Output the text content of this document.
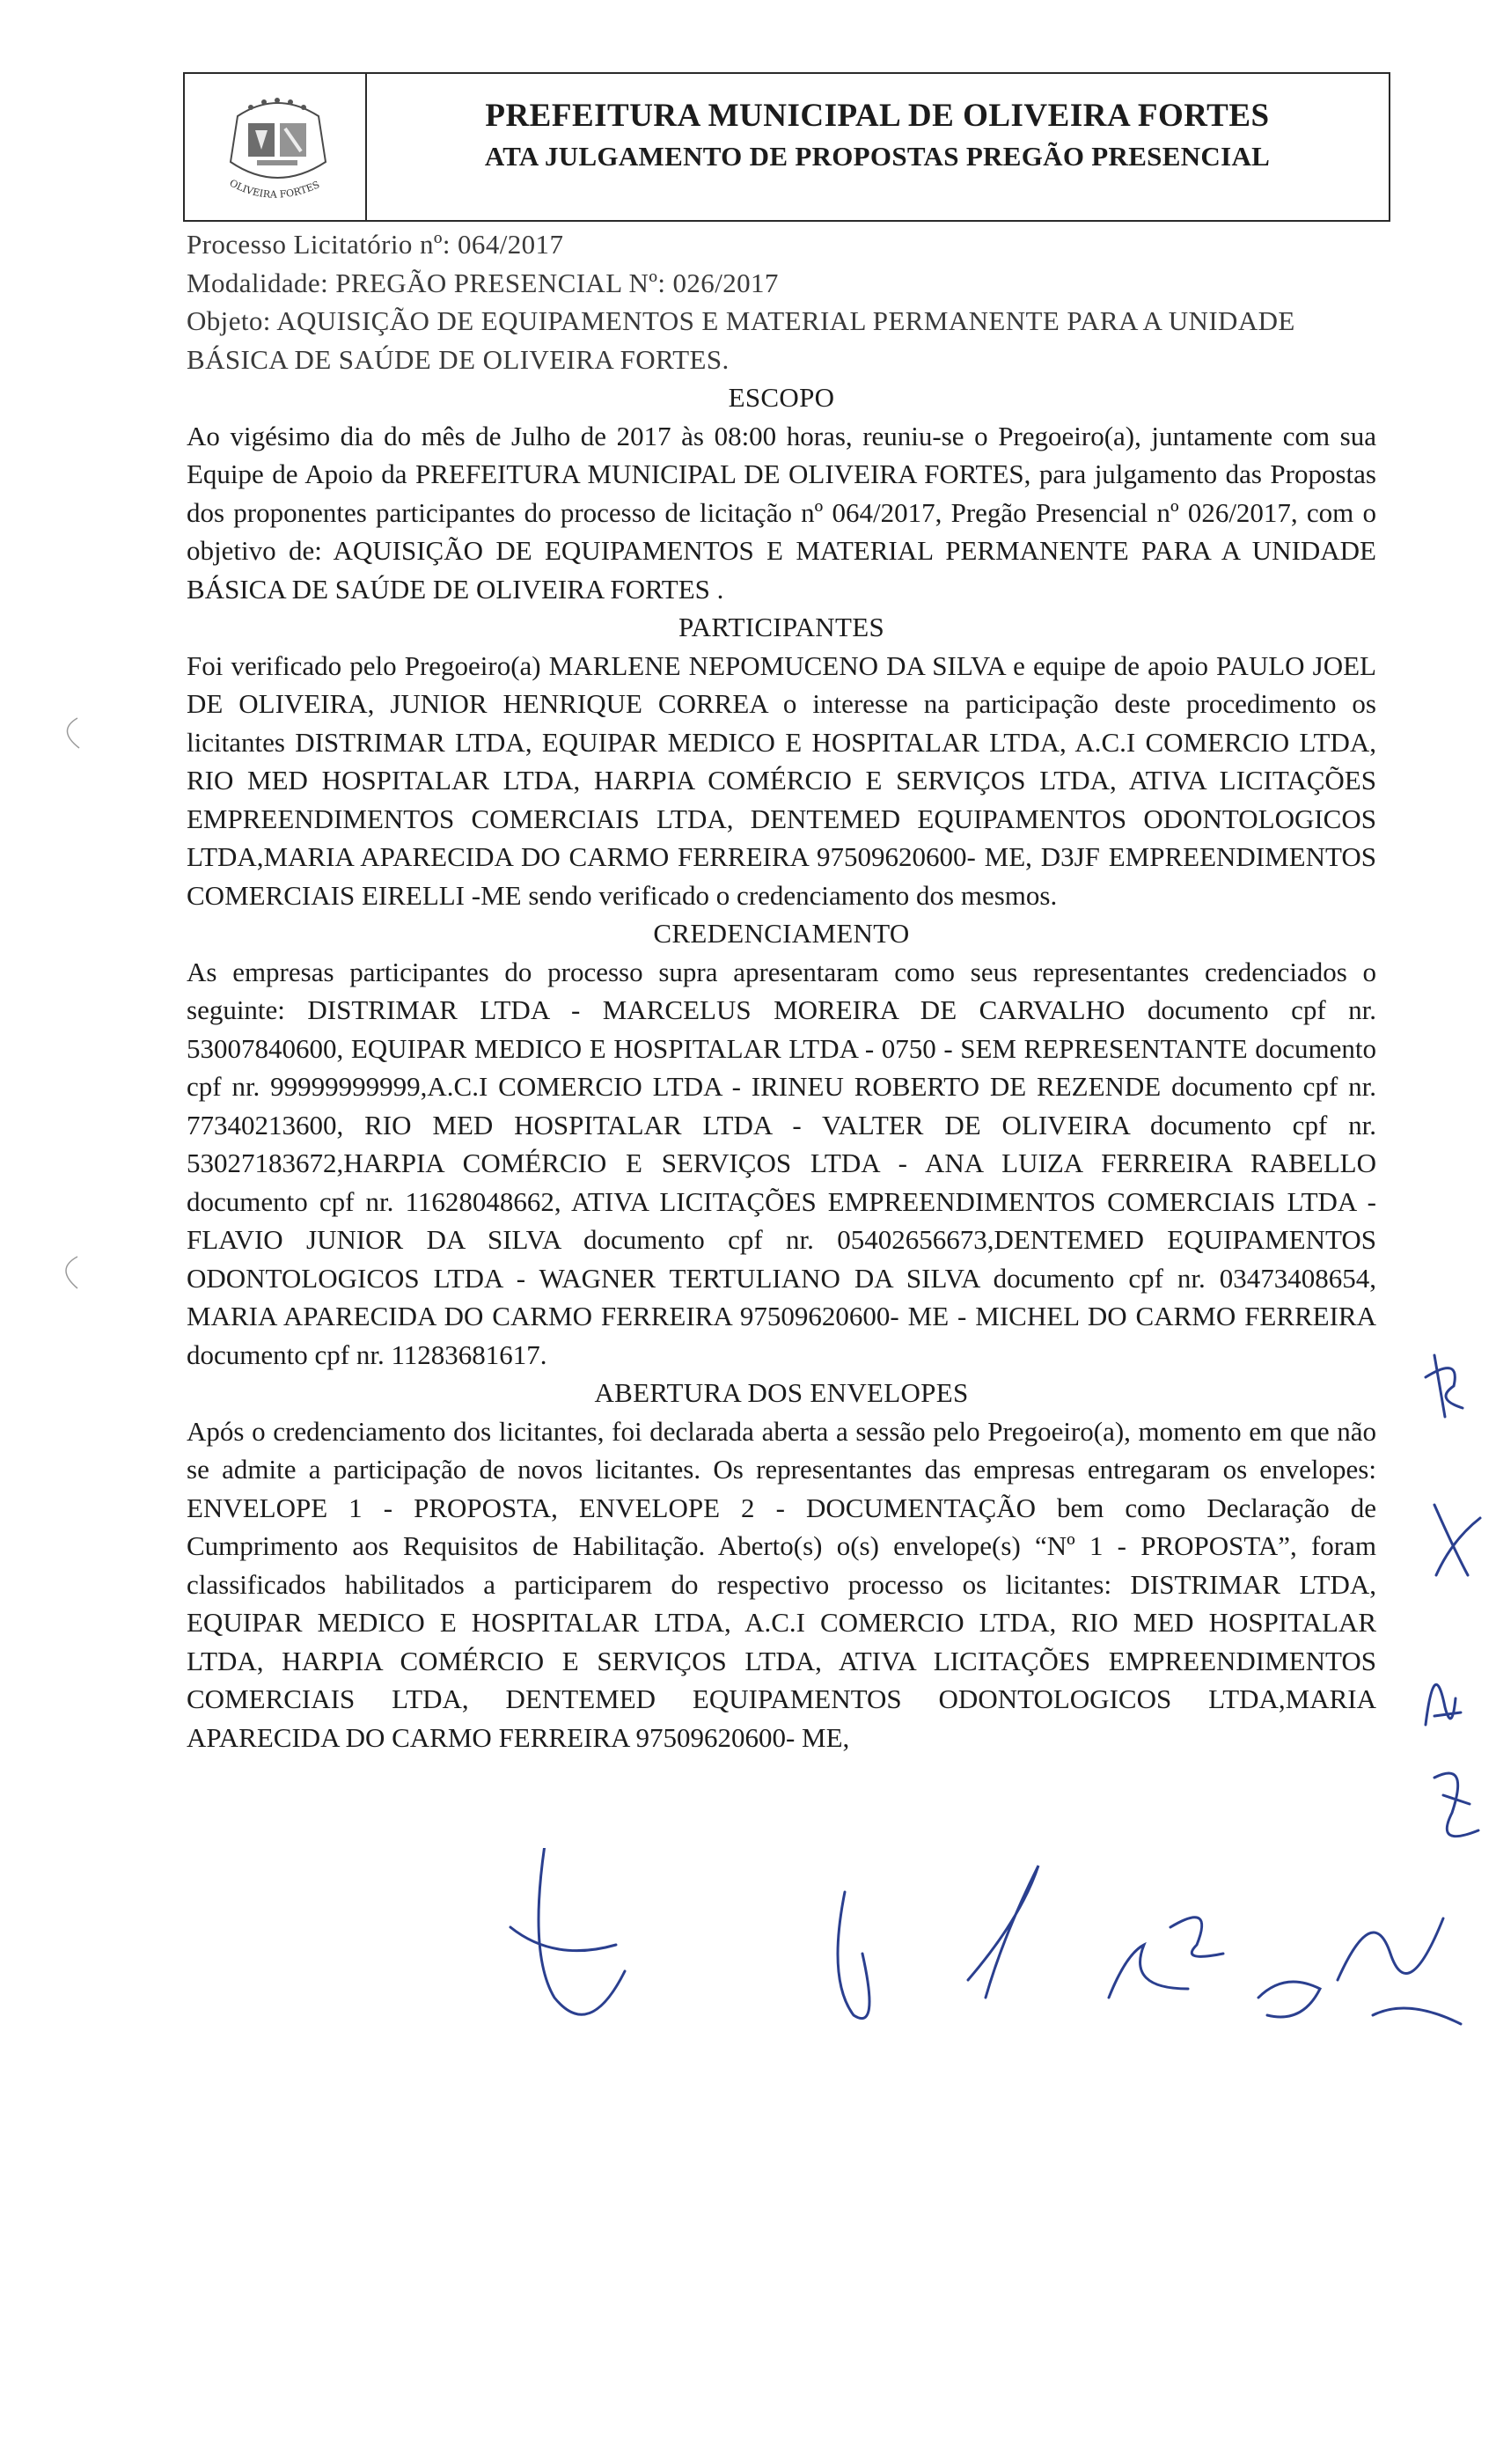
OLIVEIRA FORTES
PREFEITURA MUNICIPAL DE OLIVEIRA FORTES
ATA JULGAMENTO DE PROPOSTAS PREGÃO PRESENCIAL

Processo Licitatório nº: 064/2017

Modalidade: PREGÃO PRESENCIAL Nº: 026/2017

Objeto: AQUISIÇÃO DE EQUIPAMENTOS E MATERIAL PERMANENTE PARA A UNIDADE BÁSICA DE SAÚDE DE OLIVEIRA FORTES.

ESCOPO

Ao vigésimo dia do mês de Julho de 2017 às 08:00 horas, reuniu-se o Pregoeiro(a), juntamente com sua Equipe de Apoio da PREFEITURA MUNICIPAL DE OLIVEIRA FORTES, para julgamento das Propostas dos proponentes participantes do processo de licitação nº 064/2017, Pregão Presencial nº 026/2017, com o objetivo de: AQUISIÇÃO DE EQUIPAMENTOS E MATERIAL PERMANENTE PARA A UNIDADE BÁSICA DE SAÚDE DE OLIVEIRA FORTES .

PARTICIPANTES

Foi verificado pelo Pregoeiro(a) MARLENE NEPOMUCENO DA SILVA e equipe de apoio PAULO JOEL DE OLIVEIRA, JUNIOR HENRIQUE CORREA o interesse na participação deste procedimento os licitantes DISTRIMAR LTDA, EQUIPAR MEDICO E HOSPITALAR LTDA, A.C.I COMERCIO LTDA, RIO MED HOSPITALAR LTDA, HARPIA COMÉRCIO E SERVIÇOS LTDA, ATIVA LICITAÇÕES EMPREENDIMENTOS COMERCIAIS LTDA, DENTEMED EQUIPAMENTOS ODONTOLOGICOS LTDA,MARIA APARECIDA DO CARMO FERREIRA 97509620600- ME, D3JF EMPREENDIMENTOS COMERCIAIS EIRELLI -ME sendo verificado o credenciamento dos mesmos.

CREDENCIAMENTO

As empresas participantes do processo supra apresentaram como seus representantes credenciados o seguinte: DISTRIMAR LTDA - MARCELUS MOREIRA DE CARVALHO documento cpf nr. 53007840600, EQUIPAR MEDICO E HOSPITALAR LTDA - 0750 - SEM REPRESENTANTE documento cpf nr. 99999999999,A.C.I COMERCIO LTDA - IRINEU ROBERTO DE REZENDE documento cpf nr. 77340213600, RIO MED HOSPITALAR LTDA - VALTER DE OLIVEIRA documento cpf nr. 53027183672,HARPIA COMÉRCIO E SERVIÇOS LTDA - ANA LUIZA FERREIRA RABELLO documento cpf nr. 11628048662, ATIVA LICITAÇÕES EMPREENDIMENTOS COMERCIAIS LTDA - FLAVIO JUNIOR DA SILVA documento cpf nr. 05402656673,DENTEMED EQUIPAMENTOS ODONTOLOGICOS LTDA - WAGNER TERTULIANO DA SILVA documento cpf nr. 03473408654, MARIA APARECIDA DO CARMO FERREIRA 97509620600- ME - MICHEL DO CARMO FERREIRA documento cpf nr. 11283681617.

ABERTURA DOS ENVELOPES

Após o credenciamento dos licitantes, foi declarada aberta a sessão pelo Pregoeiro(a), momento em que não se admite a participação de novos licitantes. Os representantes das empresas entregaram os envelopes: ENVELOPE 1 - PROPOSTA, ENVELOPE 2 - DOCUMENTAÇÃO bem como Declaração de Cumprimento aos Requisitos de Habilitação. Aberto(s) o(s) envelope(s) “Nº 1 - PROPOSTA”, foram classificados habilitados a participarem do respectivo processo os licitantes: DISTRIMAR LTDA, EQUIPAR MEDICO E HOSPITALAR LTDA, A.C.I COMERCIO LTDA, RIO MED HOSPITALAR LTDA, HARPIA COMÉRCIO E SERVIÇOS LTDA, ATIVA LICITAÇÕES EMPREENDIMENTOS COMERCIAIS LTDA, DENTEMED EQUIPAMENTOS ODONTOLOGICOS LTDA,MARIA APARECIDA DO CARMO FERREIRA 97509620600- ME,
